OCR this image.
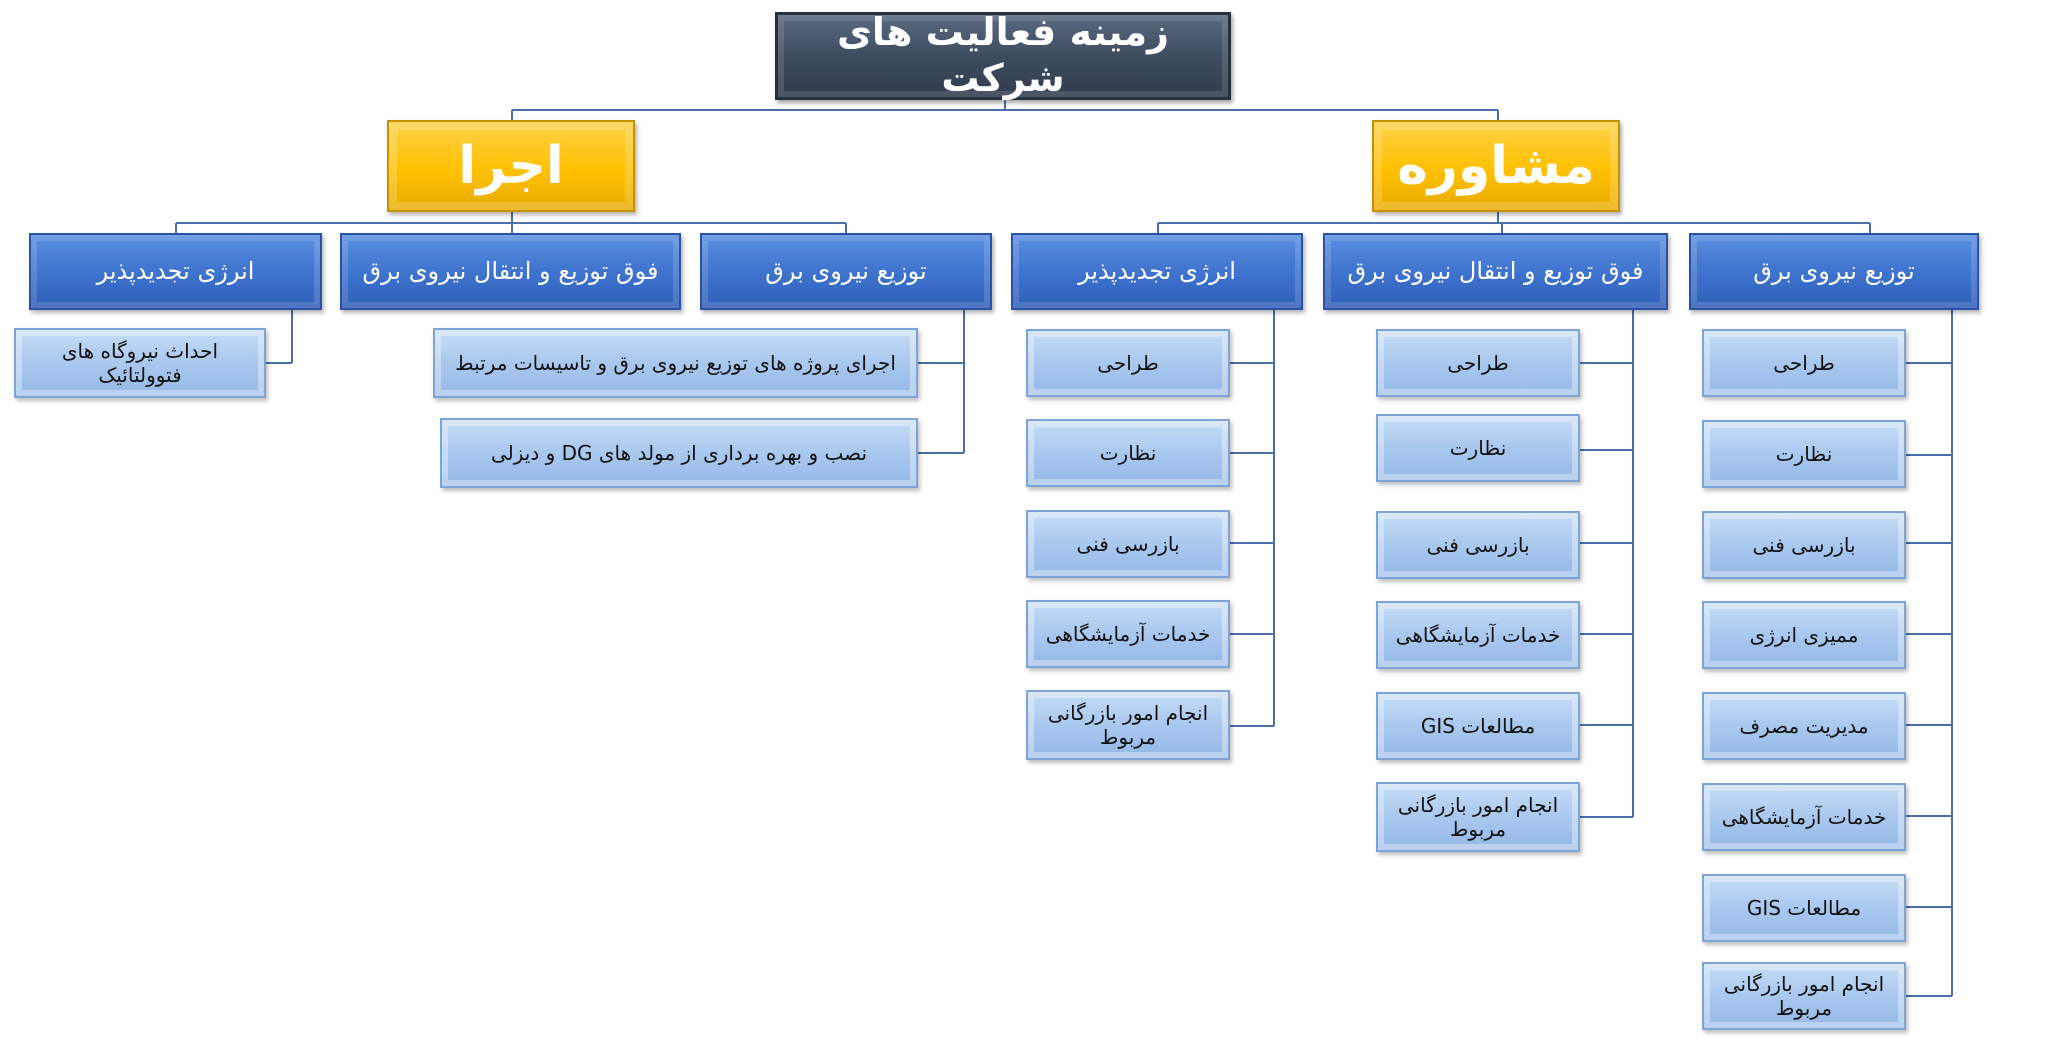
زمینه فعالیت های شرکت
مشاوره
اجرا
توزیع نیروی برق
فوق توزیع و انتقال نیروی برق
انرژی تجدیدپذیر
توزیع نیروی برق
فوق توزیع و انتقال نیروی برق
انرژی تجدیدپذیر
طراحی
نظارت
بازرسی فنی
ممیزی انرژی
مدیریت مصرف
خدمات آزمایشگاهی
مطالعات GIS
انجام امور بازرگانی مربوط
طراحی
نظارت
بازرسی فنی
خدمات آزمایشگاهی
مطالعات GIS
انجام امور بازرگانی مربوط
طراحی
نظارت
بازرسی فنی
خدمات آزمایشگاهی
انجام امور بازرگانی مربوط
اجرای پروژه های توزیع نیروی برق و تاسیسات مرتبط
نصب و بهره برداری از مولد های DG و دیزلی
احداث نیروگاه های فتوولتائیک
